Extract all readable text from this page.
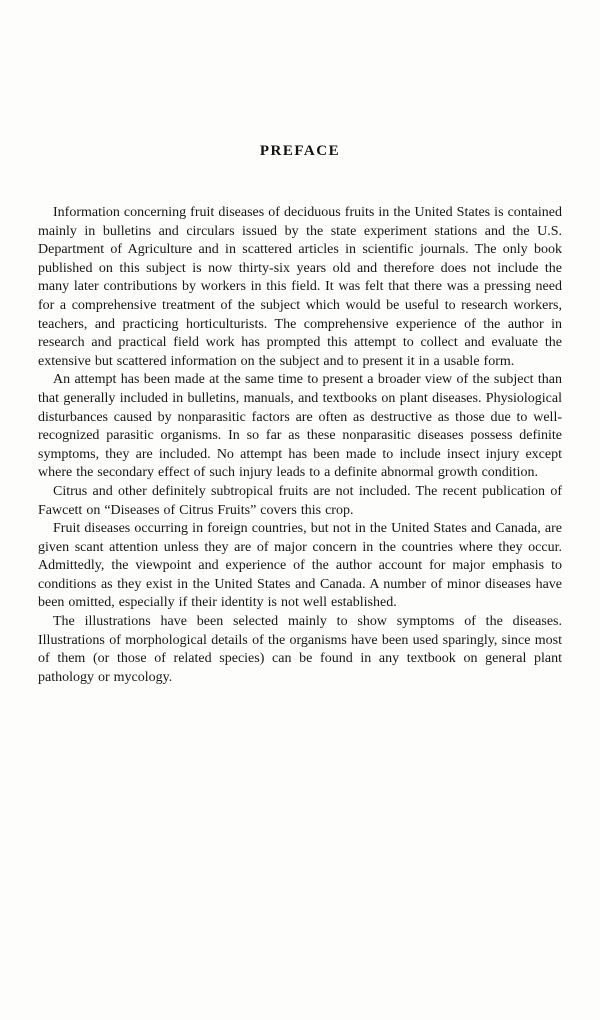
PREFACE

Information concerning fruit diseases of deciduous fruits in the United States is contained mainly in bulletins and circulars issued by the state experiment stations and the U.S. Department of Agriculture and in scattered articles in scientific journals. The only book published on this subject is now thirty-six years old and therefore does not include the many later contributions by workers in this field. It was felt that there was a pressing need for a comprehensive treatment of the subject which would be useful to research workers, teachers, and practicing horticulturists. The comprehensive experience of the author in research and practical field work has prompted this attempt to collect and evaluate the extensive but scattered information on the subject and to present it in a usable form.

An attempt has been made at the same time to present a broader view of the subject than that generally included in bulletins, manuals, and textbooks on plant diseases. Physiological disturbances caused by nonparasitic factors are often as destructive as those due to well-recognized parasitic organisms. In so far as these nonparasitic diseases possess definite symptoms, they are included. No attempt has been made to include insect injury except where the secondary effect of such injury leads to a definite abnormal growth condition.

Citrus and other definitely subtropical fruits are not included. The recent publication of Fawcett on “Diseases of Citrus Fruits” covers this crop.

Fruit diseases occurring in foreign countries, but not in the United States and Canada, are given scant attention unless they are of major concern in the countries where they occur. Admittedly, the viewpoint and experience of the author account for major emphasis to conditions as they exist in the United States and Canada. A number of minor diseases have been omitted, especially if their identity is not well established.

The illustrations have been selected mainly to show symptoms of the diseases. Illustrations of morphological details of the organisms have been used sparingly, since most of them (or those of related species) can be found in any textbook on general plant pathology or mycology.
